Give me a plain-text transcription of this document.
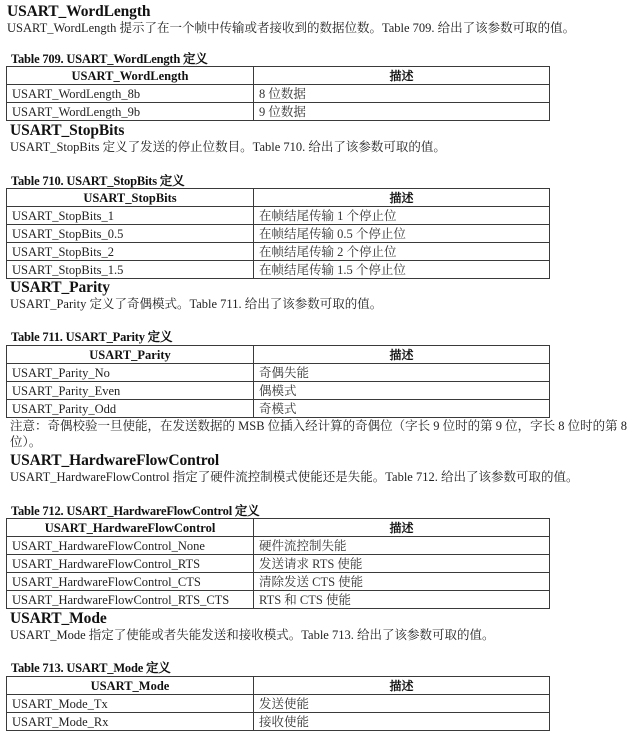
USART_WordLength
USART_WordLength 提示了在一个帧中传输或者接收到的数据位数。Table 709. 给出了该参数可取的值。
Table 709. USART_WordLength 定义
USART_WordLength	描述
USART_WordLength_8b	8 位数据
USART_WordLength_9b	9 位数据
USART_StopBits
USART_StopBits 定义了发送的停止位数目。Table 710. 给出了该参数可取的值。
Table 710. USART_StopBits 定义
USART_StopBits	描述
USART_StopBits_1	在帧结尾传输 1 个停止位
USART_StopBits_0.5	在帧结尾传输 0.5 个停止位
USART_StopBits_2	在帧结尾传输 2 个停止位
USART_StopBits_1.5	在帧结尾传输 1.5 个停止位
USART_Parity
USART_Parity 定义了奇偶模式。Table 711. 给出了该参数可取的值。
Table 711. USART_Parity 定义
USART_Parity	描述
USART_Parity_No	奇偶失能
USART_Parity_Even	偶模式
USART_Parity_Odd	奇模式
注意：奇偶校验一旦使能，在发送数据的 MSB 位插入经计算的奇偶位（字长 9 位时的第 9 位，字长 8 位时的第 8 位）。
USART_HardwareFlowControl
USART_HardwareFlowControl 指定了硬件流控制模式使能还是失能。Table 712. 给出了该参数可取的值。
Table 712. USART_HardwareFlowControl 定义
USART_HardwareFlowControl	描述
USART_HardwareFlowControl_None	硬件流控制失能
USART_HardwareFlowControl_RTS	发送请求 RTS 使能
USART_HardwareFlowControl_CTS	清除发送 CTS 使能
USART_HardwareFlowControl_RTS_CTS	RTS 和 CTS 使能
USART_Mode
USART_Mode 指定了使能或者失能发送和接收模式。Table 713. 给出了该参数可取的值。
Table 713. USART_Mode 定义
USART_Mode	描述
USART_Mode_Tx	发送使能
USART_Mode_Rx	接收使能
